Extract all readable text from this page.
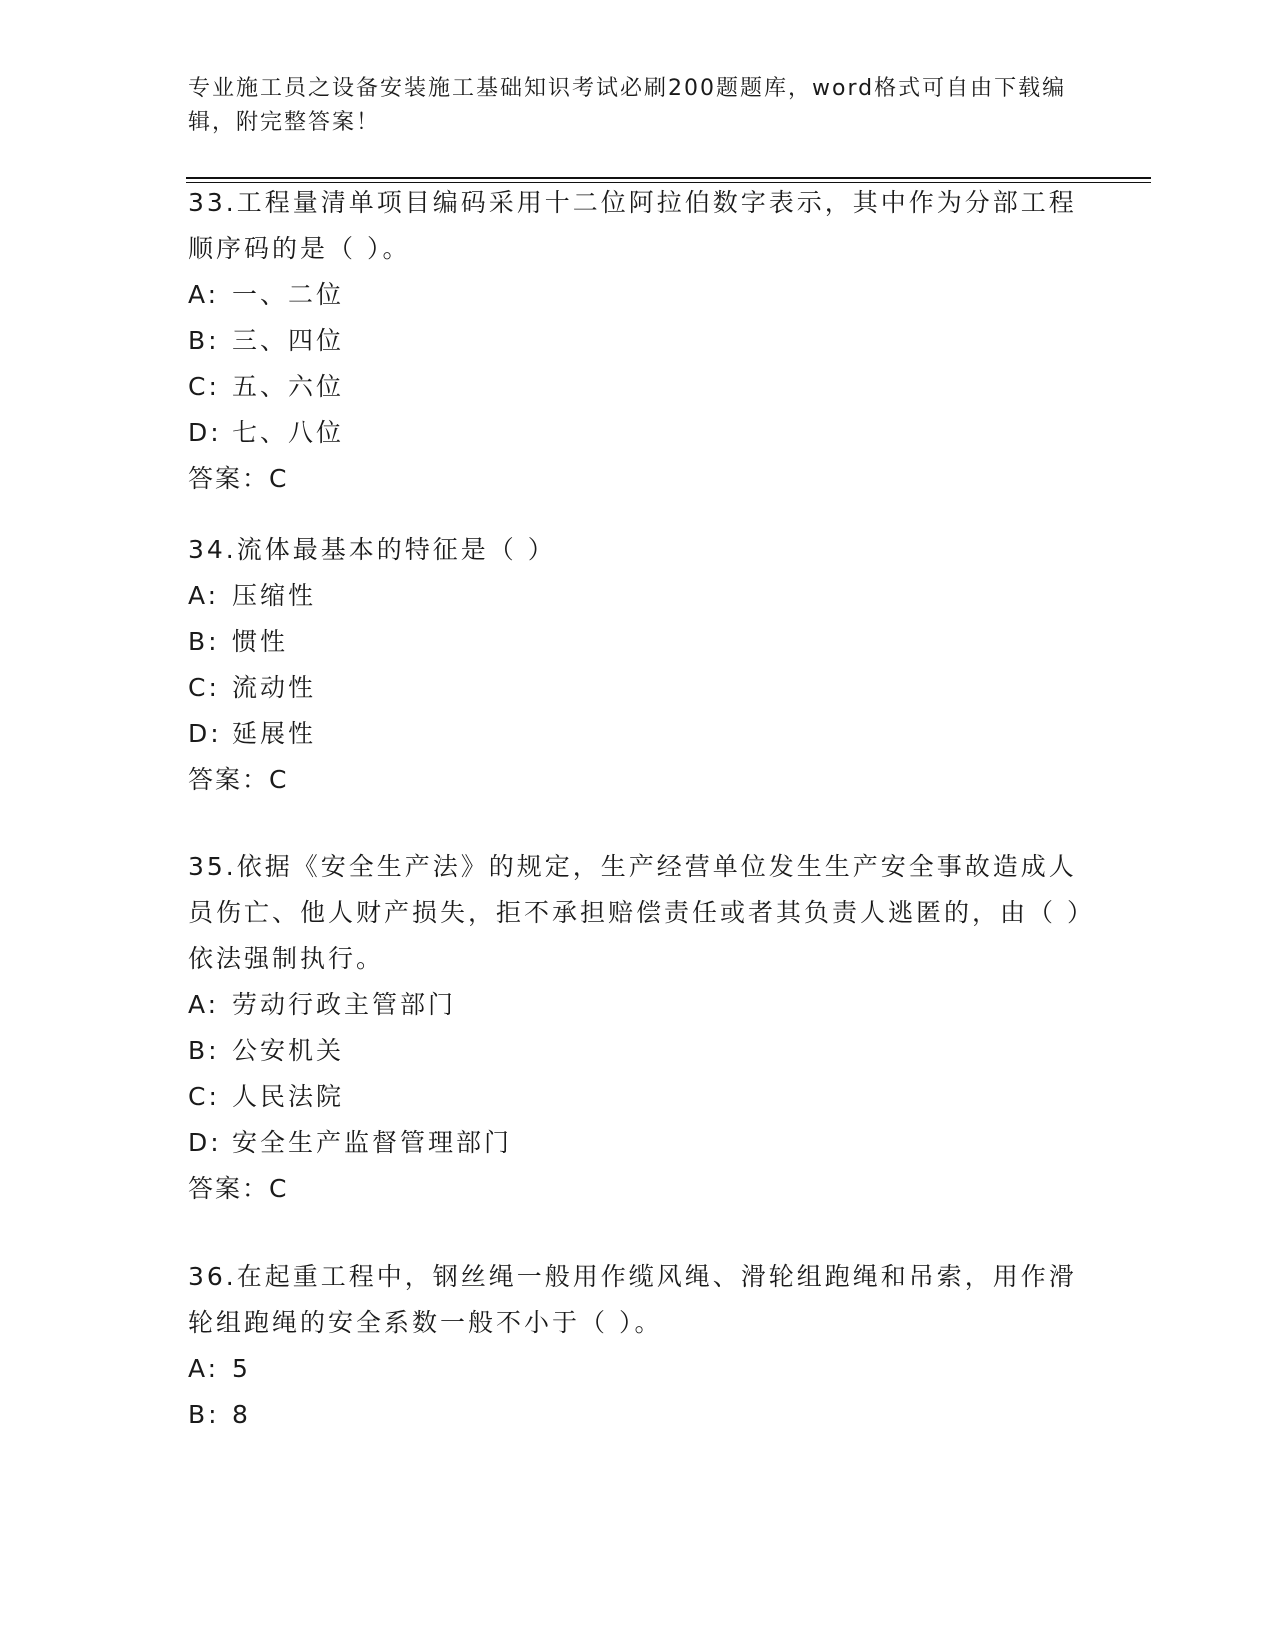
专业施工员之设备安装施工基础知识考试必刷200题题库，word格式可自由下载编辑，附完整答案！

33.工程量清单项目编码采用十二位阿拉伯数字表示，其中作为分部工程顺序码的是（ ）。

A: 一、二位
B: 三、四位
C: 五、六位
D: 七、八位
答案：C

34.流体最基本的特征是（ ）

A: 压缩性
B: 惯性
C: 流动性
D: 延展性
答案：C

35.依据《安全生产法》的规定，生产经营单位发生生产安全事故造成人员伤亡、他人财产损失，拒不承担赔偿责任或者其负责人逃匿的，由（ ）依法强制执行。

A: 劳动行政主管部门
B: 公安机关
C: 人民法院
D: 安全生产监督管理部门
答案：C

36.在起重工程中，钢丝绳一般用作缆风绳、滑轮组跑绳和吊索，用作滑轮组跑绳的安全系数一般不小于（ ）。

A: 5
B: 8
